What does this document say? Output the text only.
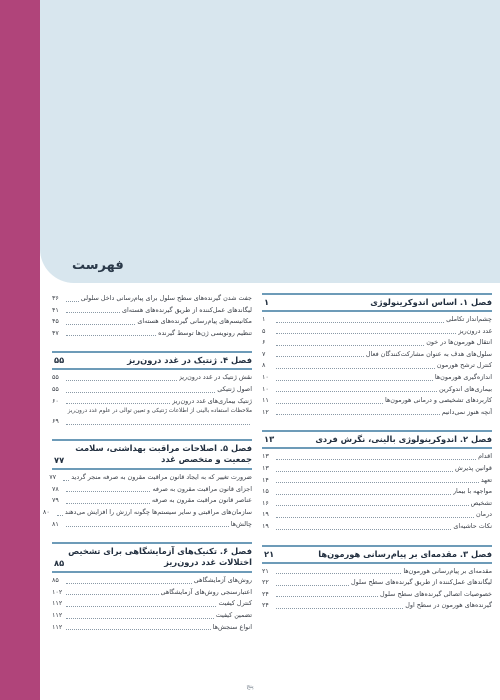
فهرست
فصل ۱. اساس اندوکرینولوژی
۱
چشم‌انداز تکاملی
۱
غدد درون‌ریز
۵
انتقال هورمون‌ها در خون
۶
سلول‌های هدف به عنوان مشارکت‌کنندگان فعال
۷
کنترل ترشح هورمون
۸
اندازه‌گیری هورمون‌ها
۱۰
بیماری‌های اندوکرین
۱۰
کاربردهای تشخیصی و درمانی هورمون‌ها
۱۱
آنچه هنوز نمی‌دانیم
۱۲
فصل ۲. اندوکرینولوژی بالینی، نگرش فردی
۱۳
اقدام
۱۳
قوانین پذیرش
۱۳
تعهد
۱۴
مواجهه با بیمار
۱۵
تشخیص
۱۶
درمان
۱۹
نکات حاشیه‌ای
۱۹
فصل ۳. مقدمه‌ای بر پیام‌رسانی هورمون‌ها
۲۱
مقدمه‌ای بر پیام‌رسانی هورمون‌ها
۲۱
لیگاندهای عمل‌کننده از طریق گیرنده‌های سطح سلول
۲۲
خصوصیات اتصالی گیرنده‌های سطح سلول
۲۴
گیرنده‌های هورمون در سطح اول
۲۴
جفت شدن گیرنده‌های سطح سلول برای پیام‌رسانی داخل سلولی
۳۶
لیگاندهای عمل‌کننده از طریق گیرنده‌های هسته‌ای
۴۱
مکانیسم‌های پیام‌رسانی گیرنده‌های هسته‌ای
۴۵
تنظیم رونویسی ژن‌ها توسط گیرنده
۴۷
فصل ۴. ژنتیک در غدد درون‌ریز
۵۵
نقش ژنتیک در غدد درون‌ریز
۵۵
اصول ژنتیکی
۵۵
ژنتیک بیماری‌های غدد درون‌ریز
۶۰
ملاحظات استفاده بالینی از اطلاعات ژنتیکی و تعیین توالی در علوم غدد درون‌ریز
۶۹
فصل ۵. اصلاحات مراقبت بهداشتی، سلامت جمعیت و متخصص غدد
۷۷
ضرورت تغییر که به ایجاد قانون مراقبت مقرون به صرفه منجر گردید
۷۷
اجزای قانون مراقبت مقرون به صرفه
۷۸
عناصر قانون مراقبت مقرون به صرفه
۷۹
سازمان‌های مراقبتی و سایر سیستم‌ها چگونه ارزش را افزایش می‌دهند
۸۰
چالش‌ها
۸۱
فصل ۶. تکنیک‌های آزمایشگاهی برای تشخیص اختلالات غدد درون‌ریز
۸۵
روش‌های آزمایشگاهی
۸۵
اعتبارسنجی روش‌های آزمایشگاهی
۱۰۲
کنترل کیفیت
۱۱۲
تضمین کیفیت
۱۱۲
انواع سنجش‌ها
۱۱۲
پنج
